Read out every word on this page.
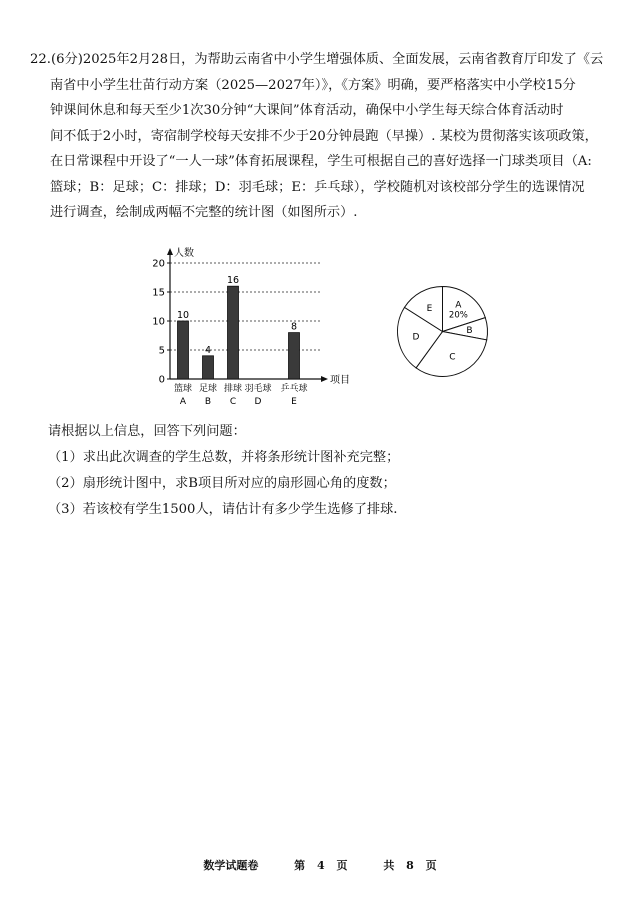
22.(6分)2025年2月28日，为帮助云南省中小学生增强体质、全面发展，云南省教育厅印发了《云

南省中小学生壮苗行动方案（2025—2027年）》，《方案》明确，要严格落实中小学校15分

钟课间休息和每天至少1次30分钟“大课间”体育活动，确保中小学生每天综合体育活动时

间不低于2小时，寄宿制学校每天安排不少于20分钟晨跑（早操）. 某校为贯彻落实该项政策，

在日常课程中开设了“一人一球”体育拓展课程，学生可根据自己的喜好选择一门球类项目（A:

篮球；B：足球；C：排球；D：羽毛球；E：乒乓球），学校随机对该校部分学生的选课情况

进行调查，绘制成两幅不完整的统计图（如图所示）.

0
5
10
15
20
人数
项目
10
篮球
A
4
足球
B
16
排球
C
羽毛球
D
8
乒乓球
E
A
20%
B
C
D
E

请根据以上信息，回答下列问题：

（1）求出此次调查的学生总数，并将条形统计图补充完整；

（2）扇形统计图中，求B项目所对应的扇形圆心角的度数；

（3）若该校有学生1500人，请估计有多少学生选修了排球.

数学试题卷	第 4 页	共 8 页
